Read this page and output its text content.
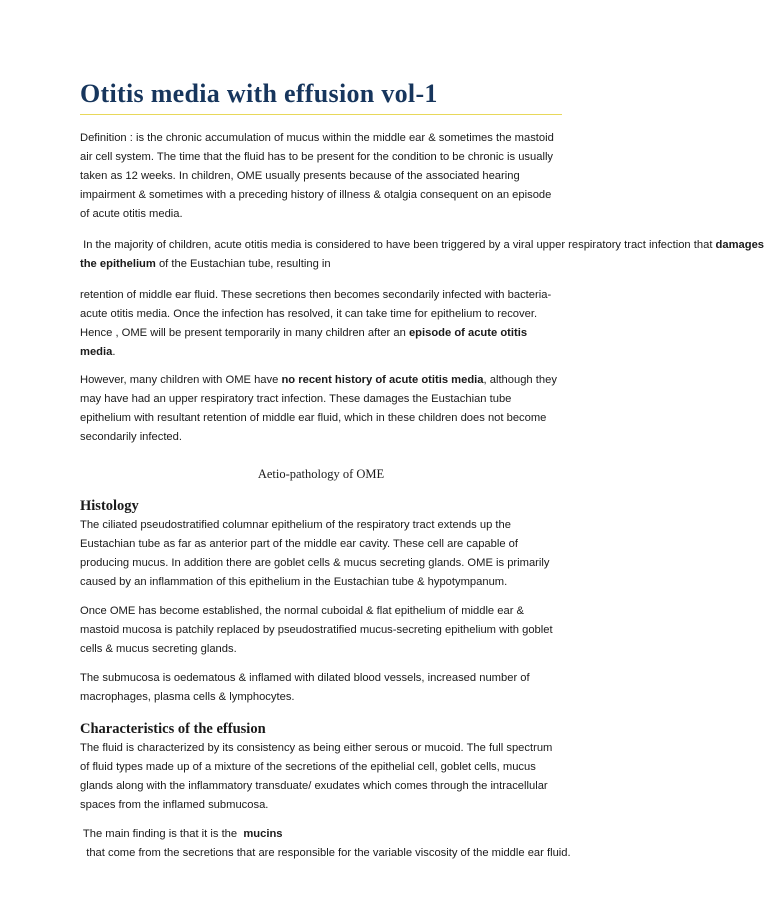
Otitis media with effusion vol-1

Definition : is the chronic accumulation of mucus within the middle ear & sometimes the mastoid air cell system. The time that the fluid has to be present for the condition to be chronic is usually taken as 12 weeks. In children, OME usually presents because of the associated hearing impairment & sometimes with a preceding history of illness & otalgia consequent on an episode of acute otitis media.

In the majority of children, acute otitis media is considered to have been triggered by a viral upper respiratory tract infection that damages the epithelium of the Eustachian tube, resulting in

retention of middle ear fluid. These secretions then becomes secondarily infected with bacteria-acute otitis media. Once the infection has resolved, it can take time for epithelium to recover. Hence , OME will be present temporarily in many children after an episode of acute otitis media.

However, many children with OME have no recent history of acute otitis media, although they may have had an upper respiratory tract infection. These damages the Eustachian tube epithelium with resultant retention of middle ear fluid, which in these children does not become secondarily infected.

Aetio-pathology of OME
Histology

The ciliated pseudostratified columnar epithelium of the respiratory tract extends up the Eustachian tube as far as anterior part of the middle ear cavity. These cell are capable of producing mucus. In addition there are goblet cells & mucus secreting glands. OME is primarily caused by an inflammation of this epithelium in the Eustachian tube & hypotympanum.

Once OME has become established, the normal cuboidal & flat epithelium of middle ear & mastoid mucosa is patchily replaced by pseudostratified mucus-secreting epithelium with goblet cells & mucus secreting glands.

The submucosa is oedematous & inflamed with dilated blood vessels, increased number of macrophages, plasma cells & lymphocytes.

Characteristics of the effusion

The fluid is characterized by its consistency as being either serous or mucoid. The full spectrum of fluid types made up of a mixture of the secretions of the epithelial cell, goblet cells, mucus glands along with the inflammatory transduate/ exudates which comes through the intracellular spaces from the inflamed submucosa.

The main finding is that it is the  mucins  that come from the secretions that are responsible for the variable viscosity of the middle ear fluid.
